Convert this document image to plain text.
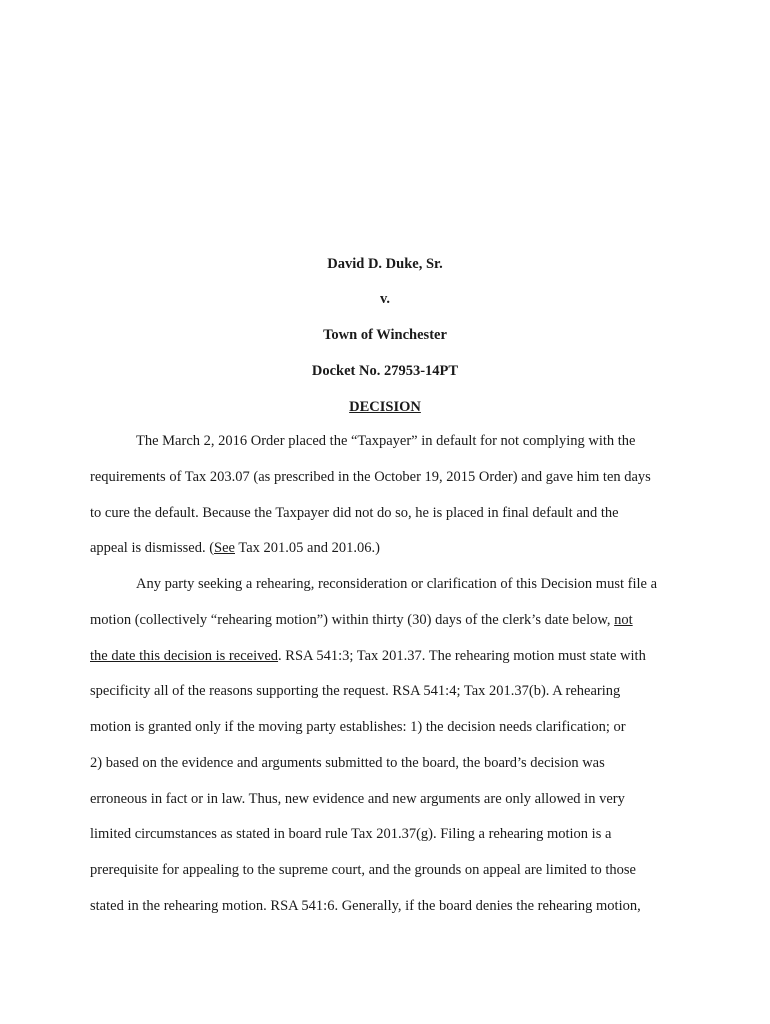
David D. Duke, Sr.
v.
Town of Winchester
Docket No. 27953-14PT
DECISION
The March 2, 2016 Order placed the “Taxpayer” in default for not complying with the
requirements of Tax 203.07 (as prescribed in the October 19, 2015 Order) and gave him ten days
to cure the default. Because the Taxpayer did not do so, he is placed in final default and the
appeal is dismissed. (See Tax 201.05 and 201.06.)
Any party seeking a rehearing, reconsideration or clarification of this Decision must file a
motion (collectively “rehearing motion”) within thirty (30) days of the clerk’s date below, not
the date this decision is received. RSA 541:3; Tax 201.37. The rehearing motion must state with
specificity all of the reasons supporting the request. RSA 541:4; Tax 201.37(b). A rehearing
motion is granted only if the moving party establishes: 1) the decision needs clarification; or
2) based on the evidence and arguments submitted to the board, the board’s decision was
erroneous in fact or in law. Thus, new evidence and new arguments are only allowed in very
limited circumstances as stated in board rule Tax 201.37(g). Filing a rehearing motion is a
prerequisite for appealing to the supreme court, and the grounds on appeal are limited to those
stated in the rehearing motion. RSA 541:6. Generally, if the board denies the rehearing motion,
